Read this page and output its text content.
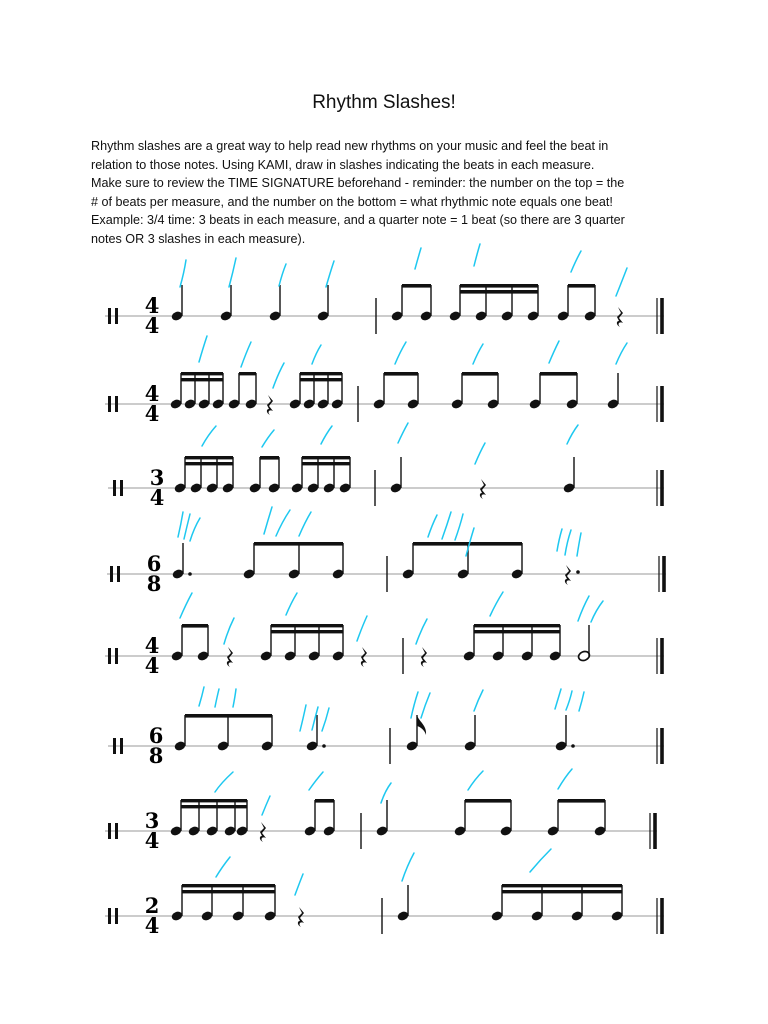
Rhythm Slashes!
Rhythm slashes are a great way to help read new rhythms on your music and feel the beat in
relation to those notes. Using KAMI, draw in slashes indicating the beats in each measure.
Make sure to review the TIME SIGNATURE beforehand - reminder: the number on the top = the
# of beats per measure, and the number on the bottom = what rhythmic note equals one beat!
Example: 3/4 time: 3 beats in each measure, and a quarter note = 1 beat (so there are 3 quarter
notes OR 3 slashes in each measure).
4
4
4
4
3
4
6
8
4
4
6
8
3
4
2
4
